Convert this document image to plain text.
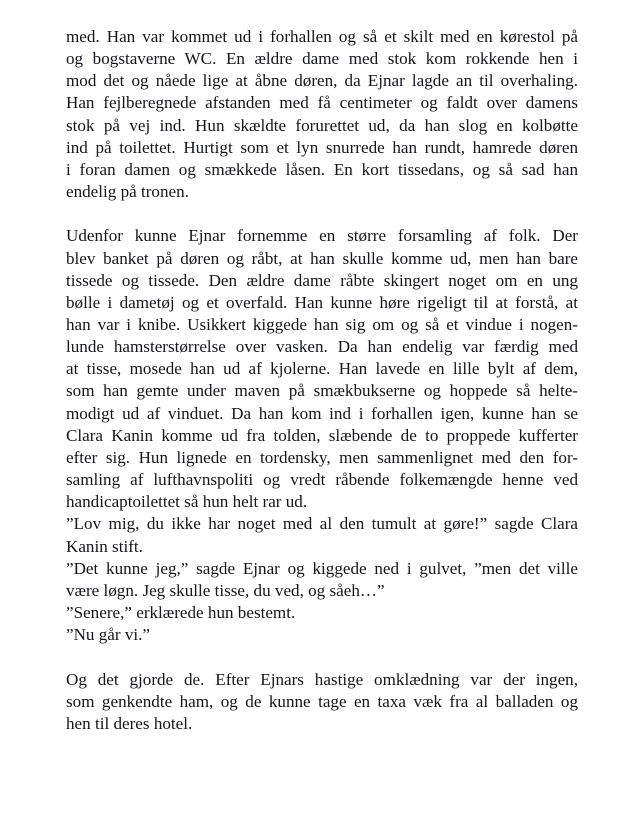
med. Han var kommet ud i forhallen og så et skilt med en kørestol på
og bogstaverne WC. En ældre dame med stok kom rokkende hen i
mod det og nåede lige at åbne døren, da Ejnar lagde an til overhaling.
Han fejlberegnede afstanden med få centimeter og faldt over damens
stok på vej ind. Hun skældte forurettet ud, da han slog en kolbøtte
ind på toilettet. Hurtigt som et lyn snurrede han rundt, hamrede døren
i foran damen og smækkede låsen. En kort tissedans, og så sad han
endelig på tronen.

Udenfor kunne Ejnar fornemme en større forsamling af folk. Der
blev banket på døren og råbt, at han skulle komme ud, men han bare
tissede og tissede. Den ældre dame råbte skingert noget om en ung
bølle i dametøj og et overfald. Han kunne høre rigeligt til at forstå, at
han var i knibe. Usikkert kiggede han sig om og så et vindue i nogen-
lunde hamsterstørrelse over vasken. Da han endelig var færdig med
at tisse, mosede han ud af kjolerne. Han lavede en lille bylt af dem,
som han gemte under maven på smækbukserne og hoppede så helte-
modigt ud af vinduet. Da han kom ind i forhallen igen, kunne han se
Clara Kanin komme ud fra tolden, slæbende de to proppede kufferter
efter sig. Hun lignede en tordensky, men sammenlignet med den for-
samling af lufthavnspoliti og vredt råbende folkemængde henne ved
handicaptoilettet så hun helt rar ud.

”Lov mig, du ikke har noget med al den tumult at gøre!” sagde Clara
Kanin stift.

”Det kunne jeg,” sagde Ejnar og kiggede ned i gulvet, ”men det ville
være løgn. Jeg skulle tisse, du ved, og såeh…”

”Senere,” erklærede hun bestemt.

”Nu går vi.”

Og det gjorde de. Efter Ejnars hastige omklædning var der ingen,
som genkendte ham, og de kunne tage en taxa væk fra al balladen og
hen til deres hotel.
